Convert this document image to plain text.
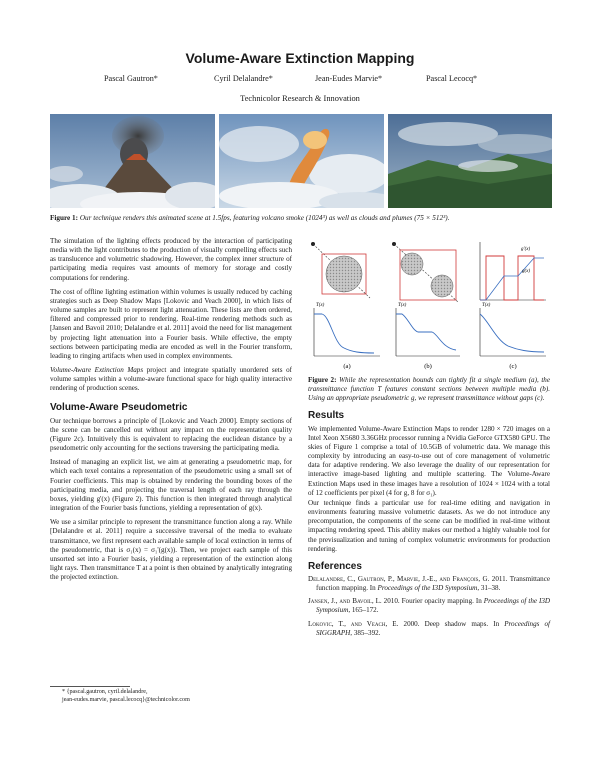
Volume-Aware Extinction Mapping
Pascal Gautron*	Cyril Delalandre*	Jean-Eudes Marvie*	Pascal Lecocq*
Technicolor Research & Innovation
Figure 1: Our technique renders this animated scene at 1.5fps, featuring volcano smoke (1024³) as well as clouds and plumes (75 × 512³).

The simulation of the lighting effects produced by the interaction of participating media with the light contributes to the production of visually compelling effects such as translucence and volumetric shadowing. However, the complex inner structure of participating media requires vast amounts of memory for storage and costly computations for rendering.

The cost of offline lighting estimation within volumes is usually reduced by caching strategies such as Deep Shadow Maps [Lokovic and Veach 2000], in which lists of volume samples are built to represent light attenuation. These lists are then ordered, filtered and compressed prior to rendering. Real-time rendering methods such as [Jansen and Bavoil 2010; Delalandre et al. 2011] avoid the need for list management by projecting light attenuation into a Fourier basis. While effective, the empty sections between participating media are encoded as well in the Fourier transform, leading to ringing artifacts when used in complex environments.

Volume-Aware Extinction Maps project and integrate spatially unordered sets of volume samples within a volume-aware functional space for high quality interactive rendering of production scenes.

Volume-Aware Pseudometric

Our technique borrows a principle of [Lokovic and Veach 2000]. Empty sections of the scene can be cancelled out without any impact on the representation quality (Figure 2c). Intuitively this is equivalent to replacing the euclidean distance by a pseudometric only accounting for the sections traversing the participating media.

Instead of managing an explicit list, we aim at generating a pseudometric map, for which each texel contains a representation of the pseudometric using a small set of Fourier coefficients. This map is obtained by rendering the bounding boxes of the participating media, and projecting the traversal length of each ray through the boxes, yielding g'(x) (Figure 2). This function is then integrated through analytical integration of the Fourier basis functions, yielding a representation of g(x).

We use a similar principle to represent the transmittance function along a ray. While [Delalandre et al. 2011] require a successive traversal of the media to evaluate transmittance, we first represent each available sample of local extinction in terms of the pseudometric, that is σ₁(x) = σ₁'(g(x)). Then, we project each sample of this unsorted set into a Fourier basis, yielding a representation of the extinction along light rays. Then transmittance T at a point is then obtained by analytically integrating the projected extinction.

* {pascal.gautron, cyril.delalandre,
jean-eudes.marvie, pascal.lecocq}@technicolor.com
T(x)	T(x)	T(x)
g(x)
g'(x)
(a)	(b)	(c)

Figure 2: While the representation bounds can tightly fit a single medium (a), the transmittance function T features constant sections between multiple media (b). Using an appropriate pseudometric g, we represent transmittance without gaps (c).

Results

We implemented Volume-Aware Extinction Maps to render 1280 × 720 images on a Intel Xeon X5680 3.36GHz processor running a Nvidia GeForce GTX580 GPU. The skies of Figure 1 comprise a total of 10.5GB of volumetric data. We manage this complexity by introducing an easy-to-use out of core management of volumetric data for adaptive rendering. We also leverage the duality of our representation for interactive image-based lighting and multiple scattering. The Volume-Aware Extinction Maps used in these images have a resolution of 1024 × 1024 with a total of 12 coefficients per pixel (4 for g, 8 for σ₁).

Our technique finds a particular use for real-time editing and navigation in environments featuring massive volumetric datasets. As we do not introduce any precomputation, the components of the scene can be modified in real-time without impacting rendering speed. This ability makes our method a highly valuable tool for the previsualization and tuning of complex volumetric environments for production rendering.

References
Delalandre, C., Gautron, P., Marvie, J.-E., and François, G. 2011. Transmittance function mapping. In Proceedings of the I3D Symposium, 31–38.
Jansen, J., and Bavoil, L. 2010. Fourier opacity mapping. In Proceedings of the I3D Symposium, 165–172.
Lokovic, T., and Veach, E. 2000. Deep shadow maps. In Proceedings of SIGGRAPH, 385–392.
